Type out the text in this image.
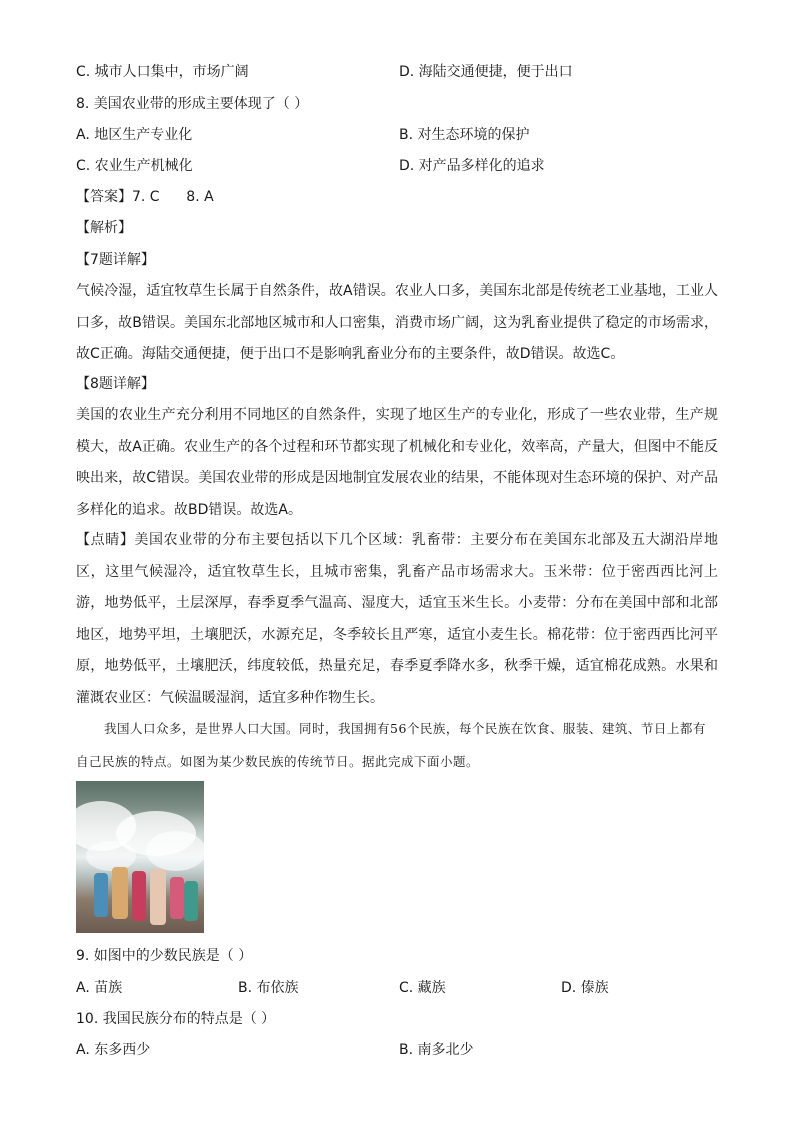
C. 城市人口集中，市场广阔	D. 海陆交通便捷，便于出口
8. 美国农业带的形成主要体现了（ ）
A. 地区生产专业化	B. 对生态环境的保护
C. 农业生产机械化	D. 对产品多样化的追求
【答案】7. C      8. A
【解析】
【7题详解】
气候冷湿，适宜牧草生长属于自然条件，故A错误。农业人口多，美国东北部是传统老工业基地，工业人口多，故B错误。美国东北部地区城市和人口密集，消费市场广阔，这为乳畜业提供了稳定的市场需求，故C正确。海陆交通便捷，便于出口不是影响乳畜业分布的主要条件，故D错误。故选C。
【8题详解】
美国的农业生产充分利用不同地区的自然条件，实现了地区生产的专业化，形成了一些农业带，生产规模大，故A正确。农业生产的各个过程和环节都实现了机械化和专业化，效率高，产量大，但图中不能反映出来，故C错误。美国农业带的形成是因地制宜发展农业的结果，不能体现对生态环境的保护、对产品多样化的追求。故BD错误。故选A。
【点睛】美国农业带的分布主要包括以下几个区域：乳畜带：主要分布在美国东北部及五大湖沿岸地区，这里气候湿冷，适宜牧草生长，且城市密集，乳畜产品市场需求大。玉米带：位于密西西比河上游，地势低平，土层深厚，春季夏季气温高、湿度大，适宜玉米生长。小麦带：分布在美国中部和北部地区，地势平坦，土壤肥沃，水源充足，冬季较长且严寒，适宜小麦生长。棉花带：位于密西西比河平原，地势低平，土壤肥沃，纬度较低，热量充足，春季夏季降水多，秋季干燥，适宜棉花成熟。水果和灌溉农业区：气候温暖湿润，适宜多种作物生长。
我国人口众多，是世界人口大国。同时，我国拥有56个民族，每个民族在饮食、服装、建筑、节日上都有自己民族的特点。如图为某少数民族的传统节日。据此完成下面小题。
9. 如图中的少数民族是（ ）
A. 苗族	B. 布依族	C. 藏族	D. 傣族
10. 我国民族分布的特点是（ ）
A. 东多西少	B. 南多北少
